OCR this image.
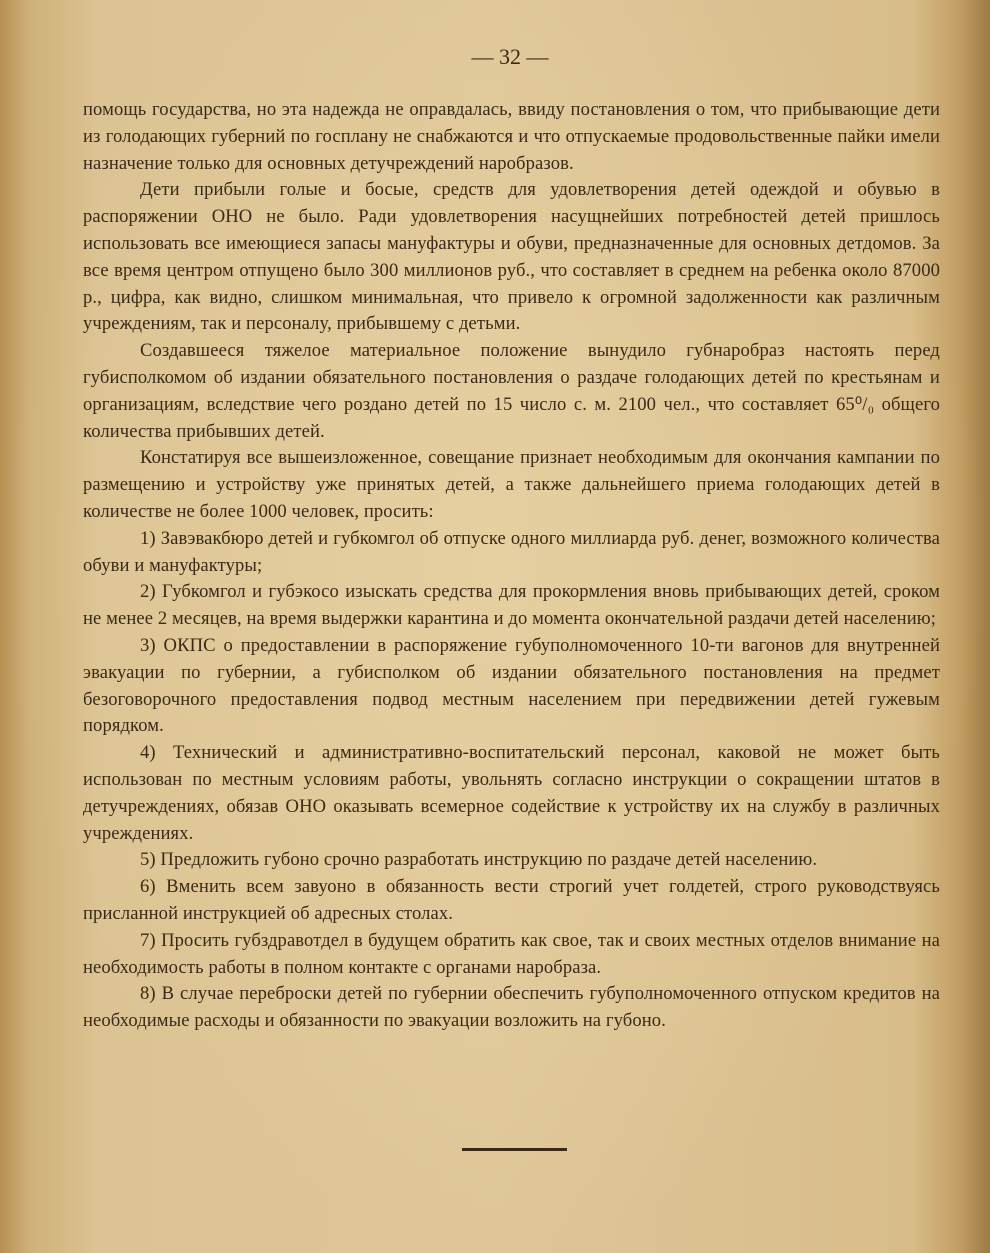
— 32 —

помощь государства, но эта надежда не оправдалась, ввиду постановления о том, что прибывающие дети из голодающих губерний по госплану не снабжаются и что отпускаемые продовольственные пайки имели назначение только для основных детучреждений наробразов.

Дети прибыли голые и босые, средств для удовлетворения детей одеждой и обувью в распоряжении ОНО не было. Ради удовлетворения насущнейших потребностей детей пришлось использовать все имеющиеся запасы мануфактуры и обуви, предназначенные для основных детдомов. За все время центром отпущено было 300 миллионов руб., что составляет в среднем на ребенка около 87000 р., цифра, как видно, слишком минимальная, что привело к огромной задолженности как различным учреждениям, так и персоналу, прибывшему с детьми.

Создавшееся тяжелое материальное положение вынудило губнаробраз настоять перед губисполкомом об издании обязательного постановления о раздаче голодающих детей по крестьянам и организациям, вследствие чего роздано детей по 15 число с. м. 2100 чел., что составляет 65⁰/₀ общего количества прибывших детей.

Констатируя все вышеизложенное, совещание признает необходимым для окончания кампании по размещению и устройству уже принятых детей, а также дальнейшего приема голодающих детей в количестве не более 1000 человек, просить:

1) Завэвакбюро детей и губкомгол об отпуске одного миллиарда руб. денег, возможного количества обуви и мануфактуры;

2) Губкомгол и губэкосо изыскать средства для прокормления вновь прибывающих детей, сроком не менее 2 месяцев, на время выдержки карантина и до момента окончательной раздачи детей населению;

3) ОКПС о предоставлении в распоряжение губуполномоченного 10-ти вагонов для внутренней эвакуации по губернии, а губисполком об издании обязательного постановления на предмет безоговорочного предоставления подвод местным населением при передвижении детей гужевым порядком.

4) Технический и административно-воспитательский персонал, каковой не может быть использован по местным условиям работы, увольнять согласно инструкции о сокращении штатов в детучреждениях, обязав ОНО оказывать всемерное содействие к устройству их на службу в различных учреждениях.

5) Предложить губоно срочно разработать инструкцию по раздаче детей населению.

6) Вменить всем завуоно в обязанность вести строгий учет голдетей, строго руководствуясь присланной инструкцией об адресных столах.

7) Просить губздравотдел в будущем обратить как свое, так и своих местных отделов внимание на необходимость работы в полном контакте с органами наробраза.

8) В случае переброски детей по губернии обеспечить губуполномоченного отпуском кредитов на необходимые расходы и обязанности по эвакуации возложить на губоно.
